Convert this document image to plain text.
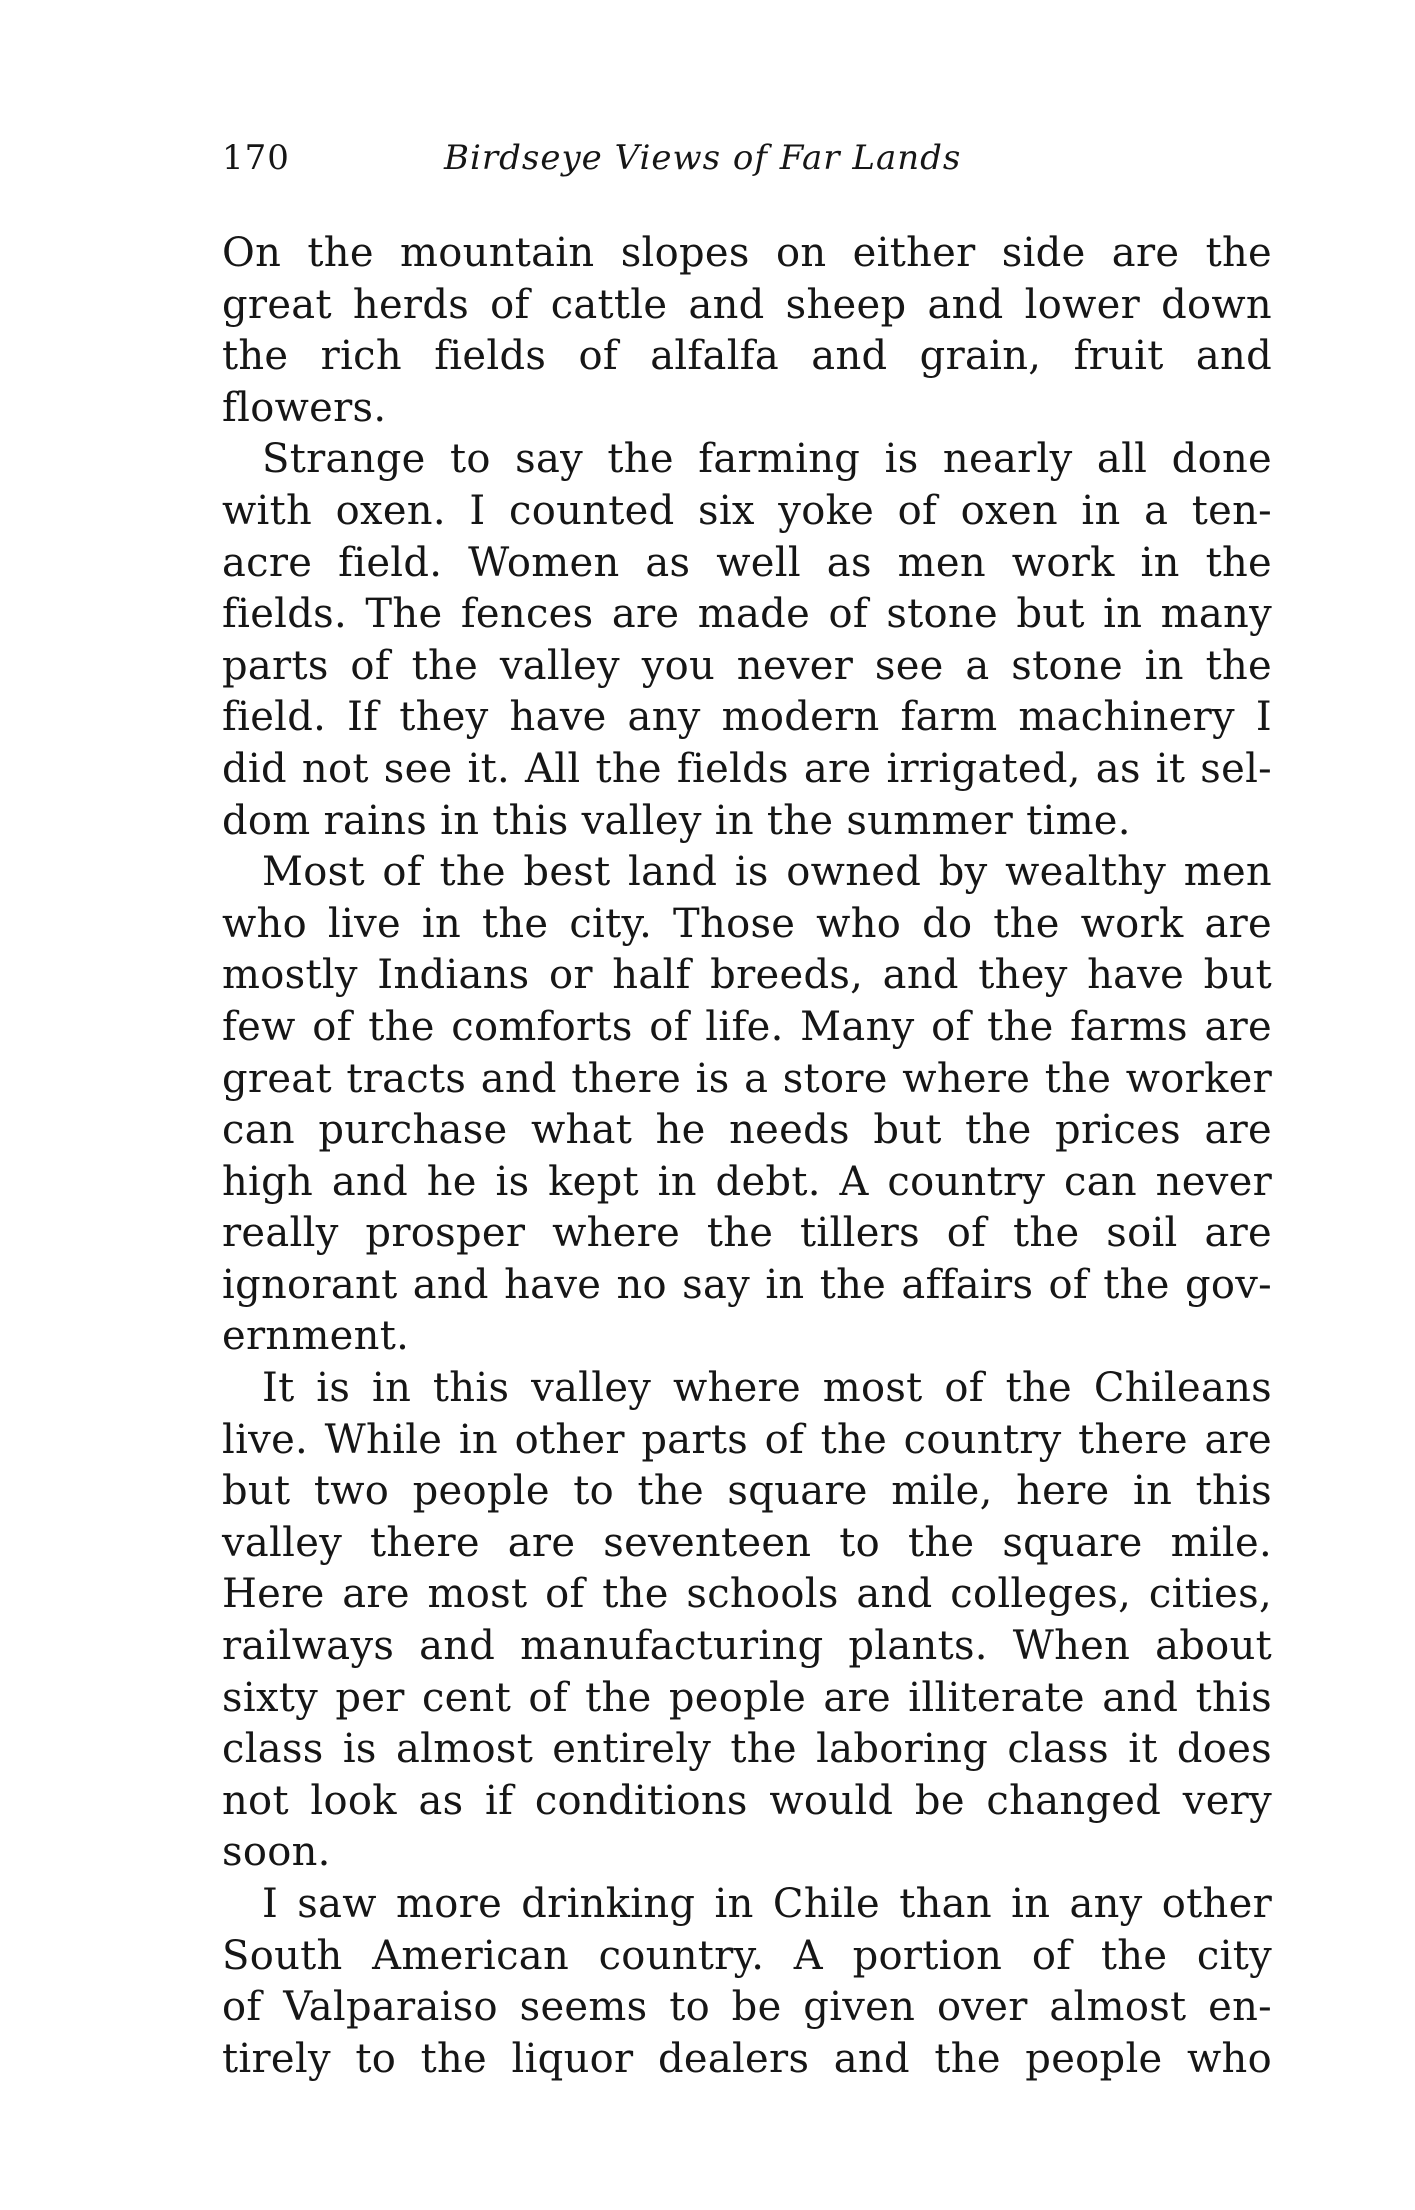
170	Birdseye Views of Far Lands
On the mountain slopes on either side are the
great herds of cattle and sheep and lower down
the rich fields of alfalfa and grain, fruit and
flowers.
Strange to say the farming is nearly all done
with oxen. I counted six yoke of oxen in a ten-
acre field. Women as well as men work in the
fields. The fences are made of stone but in many
parts of the valley you never see a stone in the
field. If they have any modern farm machinery I
did not see it. All the fields are irrigated, as it sel-
dom rains in this valley in the summer time.
Most of the best land is owned by wealthy men
who live in the city. Those who do the work are
mostly Indians or half breeds, and they have but
few of the comforts of life. Many of the farms are
great tracts and there is a store where the worker
can purchase what he needs but the prices are
high and he is kept in debt. A country can never
really prosper where the tillers of the soil are
ignorant and have no say in the affairs of the gov-
ernment.
It is in this valley where most of the Chileans
live. While in other parts of the country there are
but two people to the square mile, here in this
valley there are seventeen to the square mile.
Here are most of the schools and colleges, cities,
railways and manufacturing plants. When about
sixty per cent of the people are illiterate and this
class is almost entirely the laboring class it does
not look as if conditions would be changed very
soon.
I saw more drinking in Chile than in any other
South American country. A portion of the city
of Valparaiso seems to be given over almost en-
tirely to the liquor dealers and the people who
